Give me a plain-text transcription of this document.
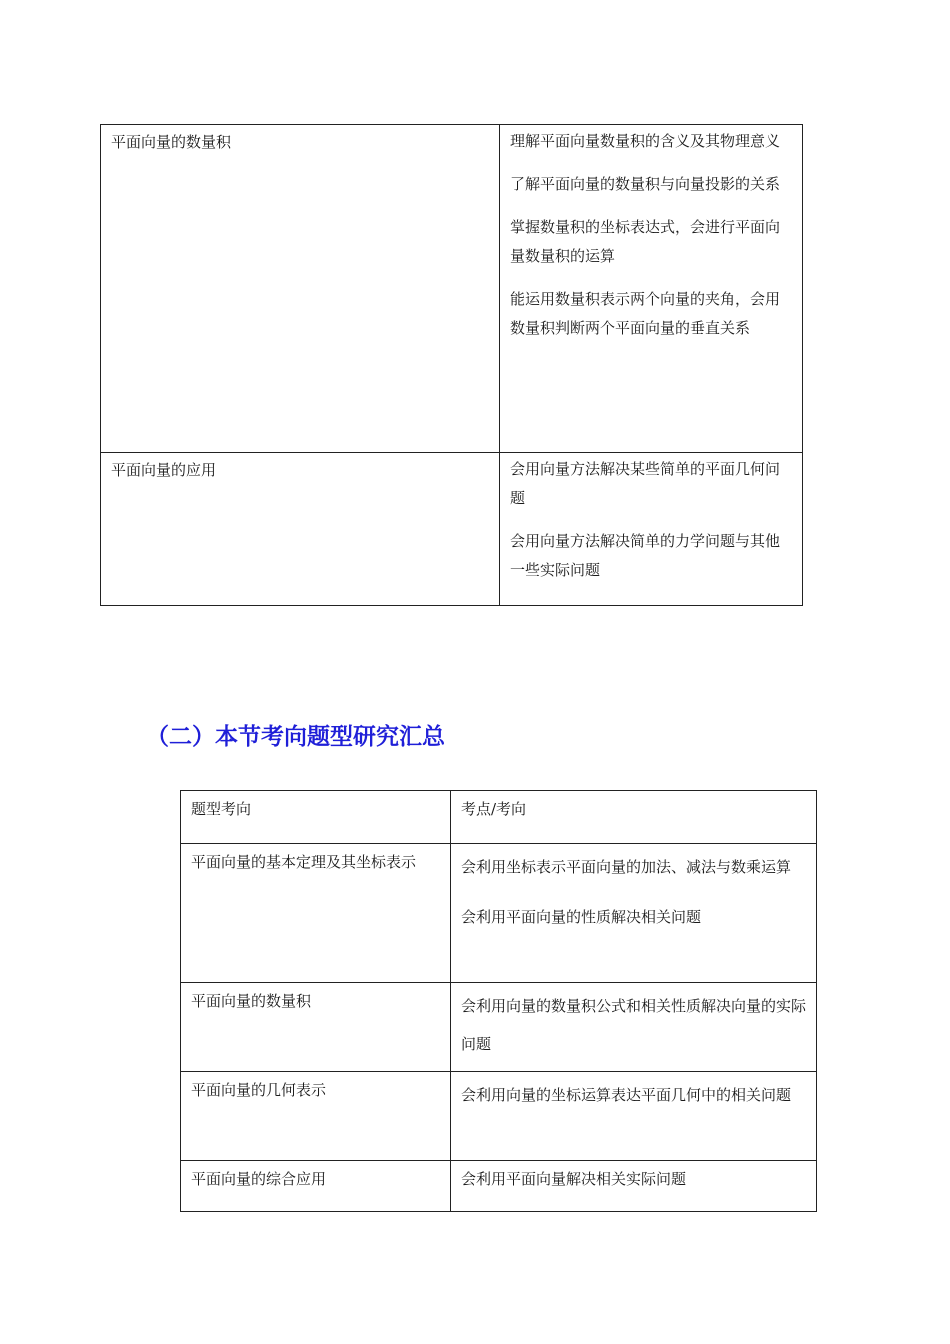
平面向量的数量积	理解平面向量数量积的含义及其物理意义

了解平面向量的数量积与向量投影的关系

掌握数量积的坐标表达式，会进行平面向量数量积的运算

能运用数量积表示两个向量的夹角，会用数量积判断两个平面向量的垂直关系

平面向量的应用	会用向量方法解决某些简单的平面几何问题

会用向量方法解决简单的力学问题与其他一些实际问题

（二）本节考向题型研究汇总
题型考向	考点/考向

平面向量的基本定理及其坐标表示	会利用坐标表示平面向量的加法、减法与数乘运算

会利用平面向量的性质解决相关问题

平面向量的数量积	会利用向量的数量积公式和相关性质解决向量的实际问题

平面向量的几何表示	会利用向量的坐标运算表达平面几何中的相关问题

平面向量的综合应用	会利用平面向量解决相关实际问题
